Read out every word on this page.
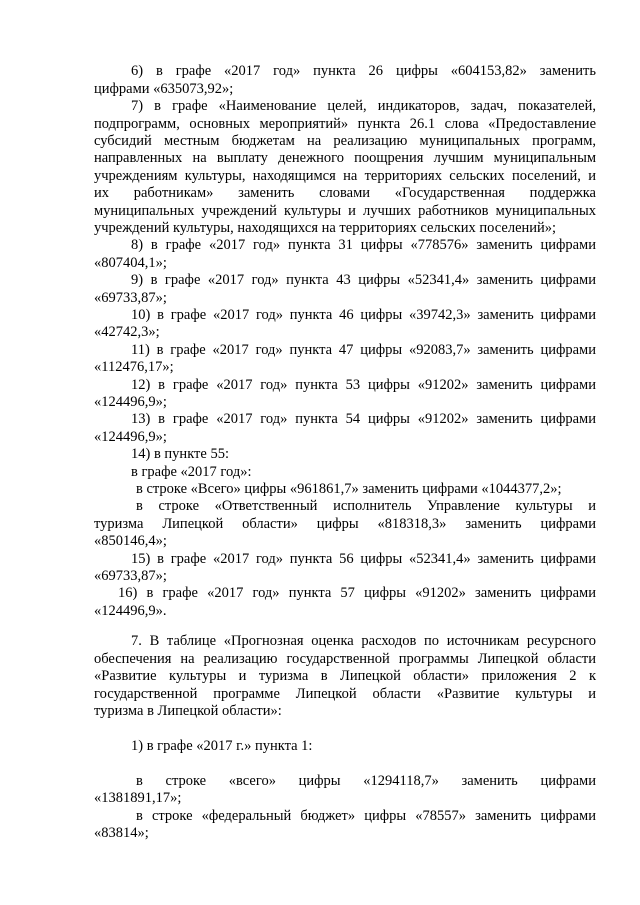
6) в графе «2017 год» пункта 26 цифры «604153,82» заменить

цифрами «635073,92»;

7) в графе «Наименование целей, индикаторов, задач, показателей,

подпрограмм, основных мероприятий» пункта 26.1 слова «Предоставление

субсидий местным бюджетам на реализацию муниципальных программ,

направленных на выплату денежного поощрения лучшим муниципальным

учреждениям культуры, находящимся на территориях сельских поселений, и

их работникам» заменить словами «Государственная поддержка

муниципальных учреждений культуры и лучших работников муниципальных

учреждений культуры, находящихся на территориях сельских поселений»;

8) в графе «2017 год» пункта 31 цифры «778576» заменить цифрами

«807404,1»;

9) в графе «2017 год» пункта 43 цифры «52341,4» заменить цифрами

«69733,87»;

10) в графе «2017 год» пункта 46 цифры «39742,3» заменить цифрами

«42742,3»;

11) в графе «2017 год» пункта 47 цифры «92083,7» заменить цифрами

«112476,17»;

12) в графе «2017 год» пункта 53 цифры «91202» заменить цифрами

«124496,9»;

13) в графе «2017 год» пункта 54 цифры «91202» заменить цифрами

«124496,9»;

14) в пункте 55:

в графе «2017 год»:

в строке «Всего» цифры «961861,7» заменить цифрами «1044377,2»;

в строке «Ответственный исполнитель Управление культуры и

туризма Липецкой области» цифры «818318,3» заменить цифрами

«850146,4»;

15) в графе «2017 год» пункта 56 цифры «52341,4» заменить цифрами

«69733,87»;

16) в графе «2017 год» пункта 57 цифры «91202» заменить цифрами

«124496,9».

7. В таблице «Прогнозная оценка расходов по источникам ресурсного

обеспечения на реализацию государственной программы Липецкой области

«Развитие культуры и туризма в Липецкой области» приложения 2 к

государственной программе Липецкой области «Развитие культуры и

туризма в Липецкой области»:

1) в графе «2017 г.» пункта 1:

в строке «всего» цифры «1294118,7» заменить цифрами

«1381891,17»;

в строке «федеральный бюджет» цифры «78557» заменить цифрами

«83814»;
